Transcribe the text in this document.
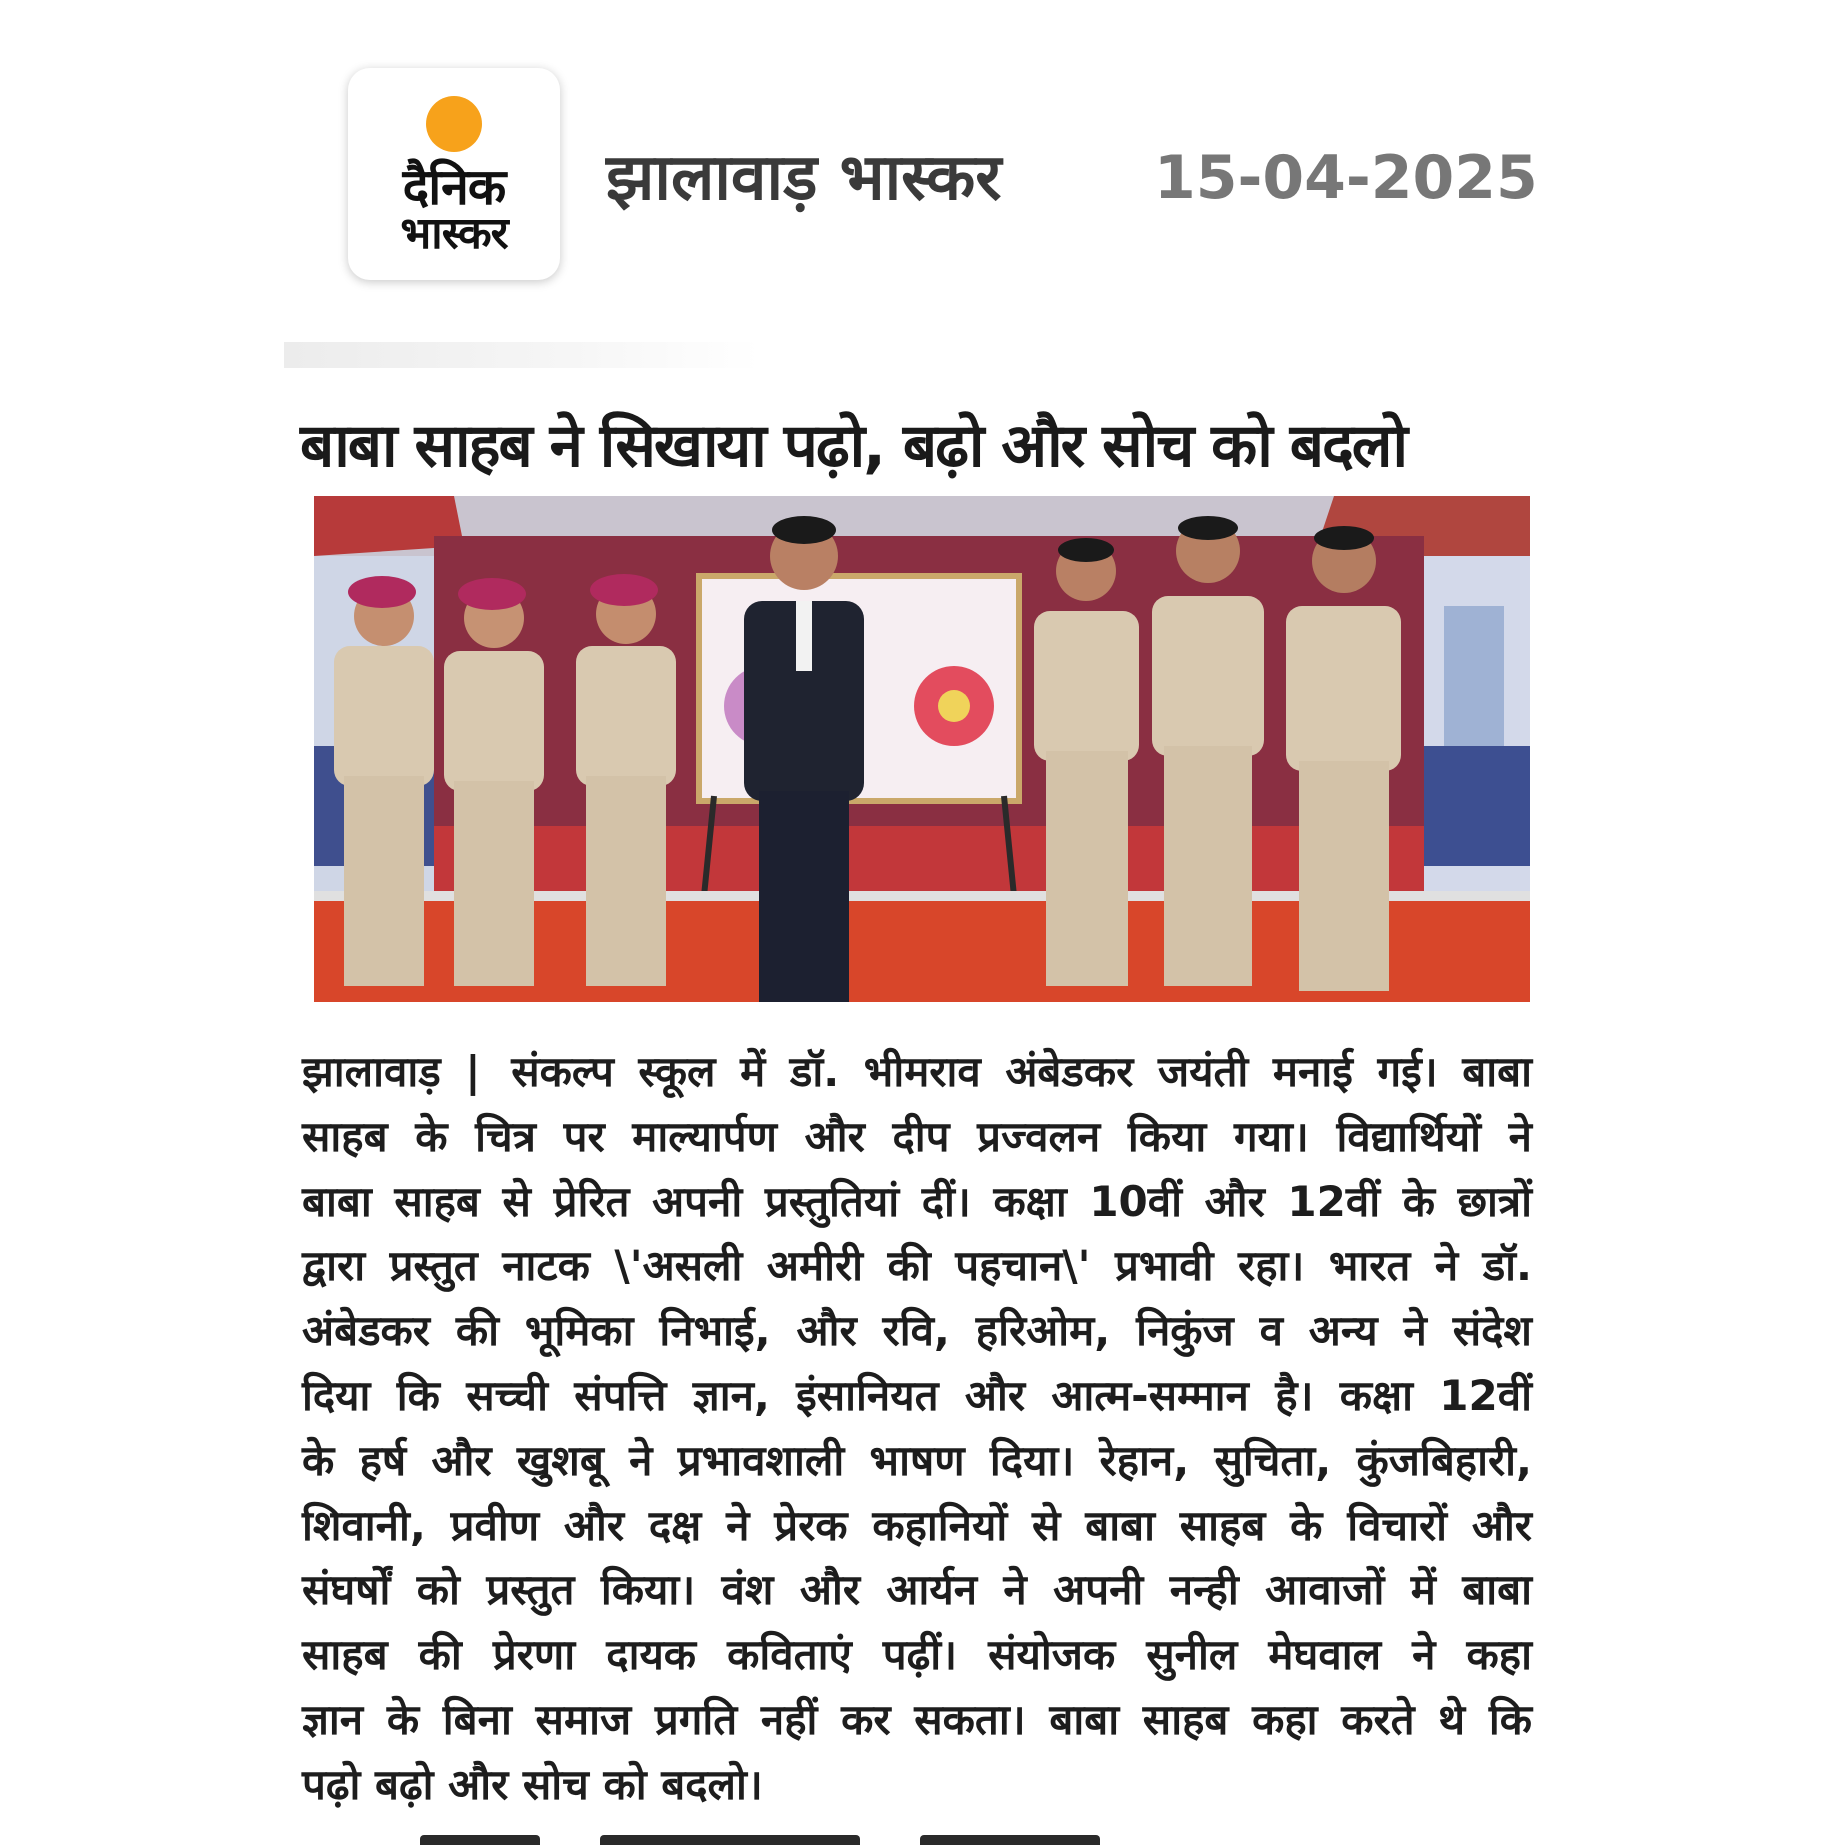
दैनिक
भास्कर
झालावाड़ भास्कर	15-04-2025
बाबा साहब ने सिखाया पढ़ो, बढ़ो और सोच को बदलो
झालावाड़ | संकल्प स्कूल में डॉ. भीमराव अंबेडकर जयंती मनाई गई। बाबा
साहब के चित्र पर माल्यार्पण और दीप प्रज्वलन किया गया। विद्यार्थियों ने
बाबा साहब से प्रेरित अपनी प्रस्तुतियां दीं। कक्षा 10वीं और 12वीं के छात्रों
द्वारा प्रस्तुत नाटक \'असली अमीरी की पहचान\' प्रभावी रहा। भारत ने डॉ.
अंबेडकर की भूमिका निभाई, और रवि, हरिओम, निकुंज व अन्य ने संदेश
दिया कि सच्ची संपत्ति ज्ञान, इंसानियत और आत्म-सम्मान है। कक्षा 12वीं
के हर्ष और खुशबू ने प्रभावशाली भाषण दिया। रेहान, सुचिता, कुंजबिहारी,
शिवानी, प्रवीण और दक्ष ने प्रेरक कहानियों से बाबा साहब के विचारों और
संघर्षों को प्रस्तुत किया। वंश और आर्यन ने अपनी नन्ही आवाजों में बाबा
साहब की प्रेरणा दायक कविताएं पढ़ीं। संयोजक सुनील मेघवाल ने कहा
ज्ञान के बिना समाज प्रगति नहीं कर सकता। बाबा साहब कहा करते थे कि
पढ़ो बढ़ो और सोच को बदलो।
